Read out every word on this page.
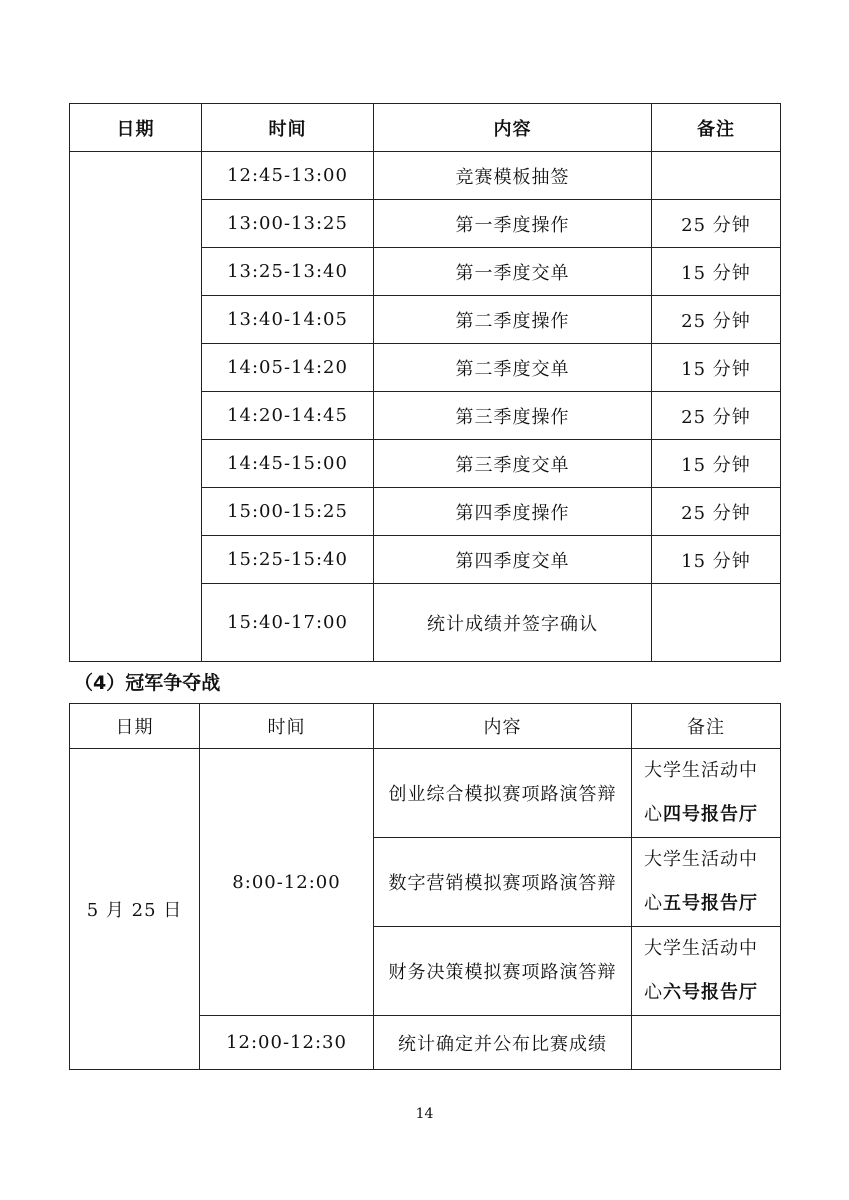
日期	时间	内容	备注
	12:45-13:00	竞赛模板抽签	
	13:00-13:25	第一季度操作	25 分钟
	13:25-13:40	第一季度交单	15 分钟
	13:40-14:05	第二季度操作	25 分钟
	14:05-14:20	第二季度交单	15 分钟
	14:20-14:45	第三季度操作	25 分钟
	14:45-15:00	第三季度交单	15 分钟
	15:00-15:25	第四季度操作	25 分钟
	15:25-15:40	第四季度交单	15 分钟
	15:40-17:00	统计成绩并签字确认	
（4）冠军争夺战
日期	时间	内容	备注
5 月 25 日	8:00-12:00	创业综合模拟赛项路演答辩	大学生活动中
心四号报告厅
		数字营销模拟赛项路演答辩	大学生活动中
心五号报告厅
		财务决策模拟赛项路演答辩	大学生活动中
心六号报告厅
	12:00-12:30	统计确定并公布比赛成绩	
14
